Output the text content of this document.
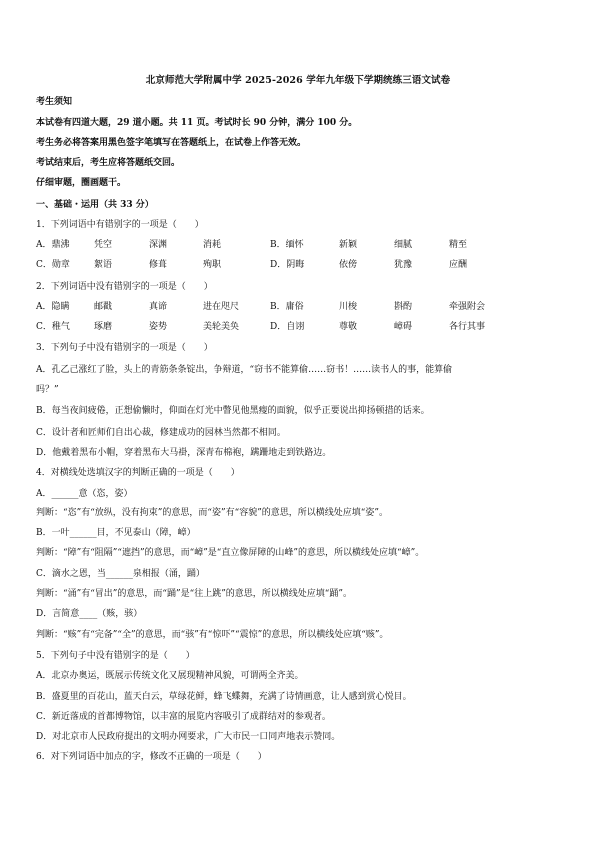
北京师范大学附属中学 2025-2026 学年九年级下学期统练三语文试卷
考生须知
本试卷有四道大题，29 道小题。共 11 页。考试时长 90 分钟，满分 100 分。
考生务必将答案用黑色签字笔填写在答题纸上，在试卷上作答无效。
考试结束后，考生应将答题纸交回。
仔细审题，圈画题干。
一、基础・运用（共 33 分）
1．下列词语中有错别字的一项是（　　）
A．鼎沸	凭空	深渊	消耗	B．缅怀	新颖	细腻	精至
C．勋章	絮语	修葺	殉职	D．阴晦	依傍	犹豫	应酬
2．下列词语中没有错别字的一项是（　　）
A．隐瞒	邮戳	真谛	进在咫尺	B．庸俗	川梭	斟酌	牵强附会
C．稚气	琢磨	姿势	美轮美奂	D．自诩	尊敬	嶂碍	各行其事
3．下列句子中没有错别字的一项是（　　）
A．孔乙己涨红了脸，头上的青筋条条锭出，争辩道，“窃书不能算偷……窃书！……读书人的事，能算偷
吗？”
B．每当夜间疲倦，正想偷懒时，仰面在灯光中瞥见他黑瘦的面貌，似乎正要说出抑扬顿措的话来。
C．设计者和匠师们自出心裁，修建成功的园林当然都不相同。
D．他戴着黑布小帽，穿着黑布大马褂，深青布棉袍，蹒跚地走到铁路边。
4．对横线处选填汉字的判断正确的一项是（　　）
A．______意（恣，姿）
判断：“恣”有“放纵，没有拘束”的意思，而“姿”有“容貌”的意思，所以横线处应填“姿”。
B．一叶______目，不见泰山（障，嶂）
判断：“障”有“阻隔”“遮挡”的意思，而“嶂”是“直立像屏障的山峰”的意思，所以横线处应填“嶂”。
C．滴水之恩，当______泉相报（涌，踊）
判断：“涌”有“冒出”的意思，而“踊”是“往上跳”的意思，所以横线处应填“踊”。
D．言简意____（赅，骇）
判断：“赅”有“完备”“全”的意思，而“骇”有“惊吓”“震惊”的意思，所以横线处应填“赅”。
5．下列句子中没有错别字的是（　　）
A．北京办奥运，既展示传统文化又展现精神风貌，可谓两全齐美。
B．盛夏里的百花山，蓝天白云，草绿花鲜，蜂飞蝶舞，充满了诗情画意，让人感到赏心悦目。
C．新近落成的首都博物馆，以丰富的展览内容吸引了成群结对的参观者。
D．对北京市人民政府提出的文明办网要求，广大市民一口同声地表示赞同。
6．对下列词语中加点的字，修改不正确的一项是（　　）
